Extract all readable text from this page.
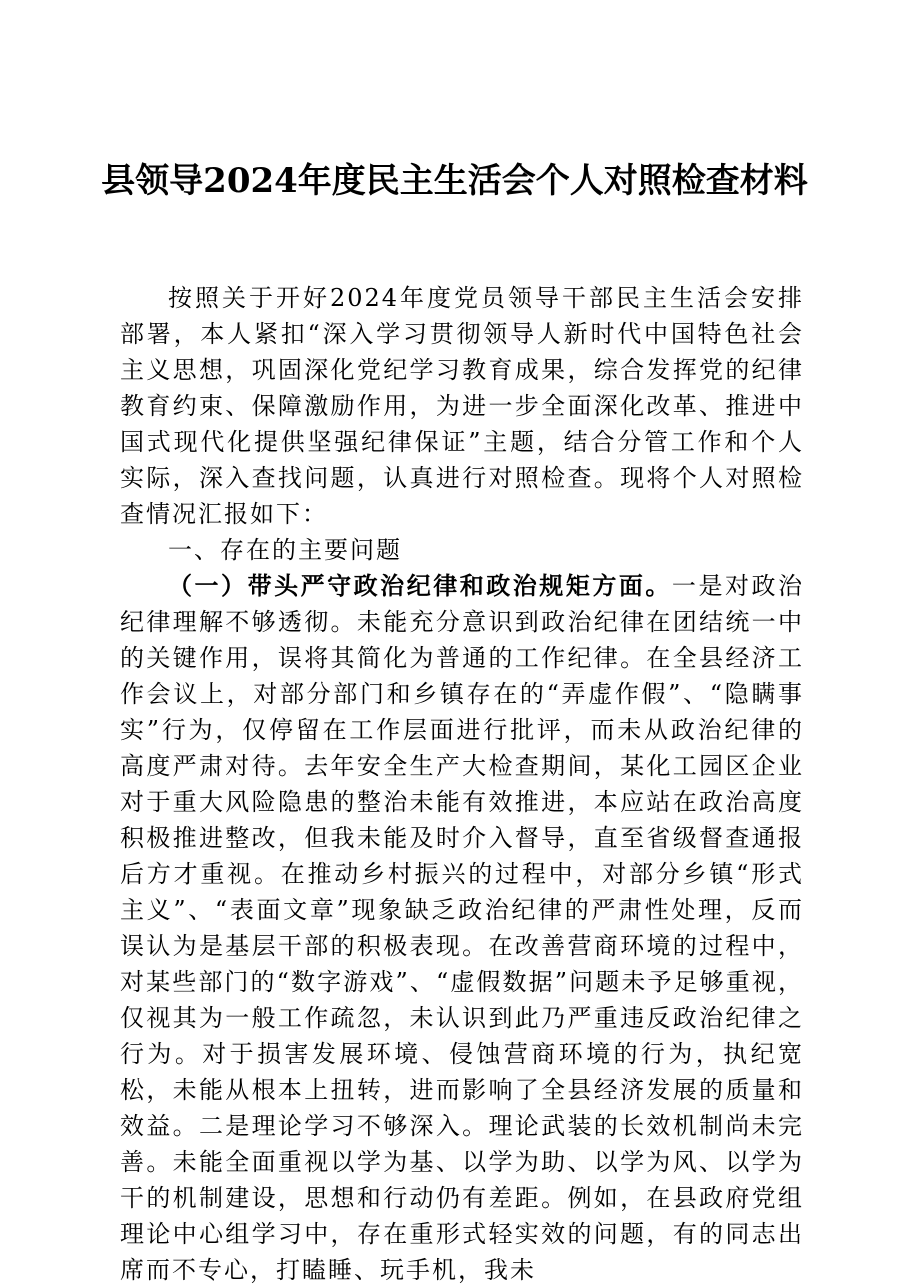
县领导2024年度民主生活会个人对照检查材料

按照关于开好2024年度党员领导干部民主生活会安排部署，本人紧扣“深入学习贯彻领导人新时代中国特色社会主义思想，巩固深化党纪学习教育成果，综合发挥党的纪律教育约束、保障激励作用，为进一步全面深化改革、推进中国式现代化提供坚强纪律保证”主题，结合分管工作和个人实际，深入查找问题，认真进行对照检查。现将个人对照检查情况汇报如下：

一、存在的主要问题

（一）带头严守政治纪律和政治规矩方面。一是对政治纪律理解不够透彻。未能充分意识到政治纪律在团结统一中的关键作用，误将其简化为普通的工作纪律。在全县经济工作会议上，对部分部门和乡镇存在的“弄虚作假”、“隐瞒事实”行为，仅停留在工作层面进行批评，而未从政治纪律的高度严肃对待。去年安全生产大检查期间，某化工园区企业对于重大风险隐患的整治未能有效推进，本应站在政治高度积极推进整改，但我未能及时介入督导，直至省级督查通报后方才重视。在推动乡村振兴的过程中，对部分乡镇“形式主义”、“表面文章”现象缺乏政治纪律的严肃性处理，反而误认为是基层干部的积极表现。在改善营商环境的过程中，对某些部门的“数字游戏”、“虚假数据”问题未予足够重视，仅视其为一般工作疏忽，未认识到此乃严重违反政治纪律之行为。对于损害发展环境、侵蚀营商环境的行为，执纪宽松，未能从根本上扭转，进而影响了全县经济发展的质量和效益。二是理论学习不够深入。理论武装的长效机制尚未完善。未能全面重视以学为基、以学为助、以学为风、以学为干的机制建设，思想和行动仍有差距。例如，在县政府党组理论中心组学习中，存在重形式轻实效的问题，有的同志出席而不专心，打瞌睡、玩手机，我未
